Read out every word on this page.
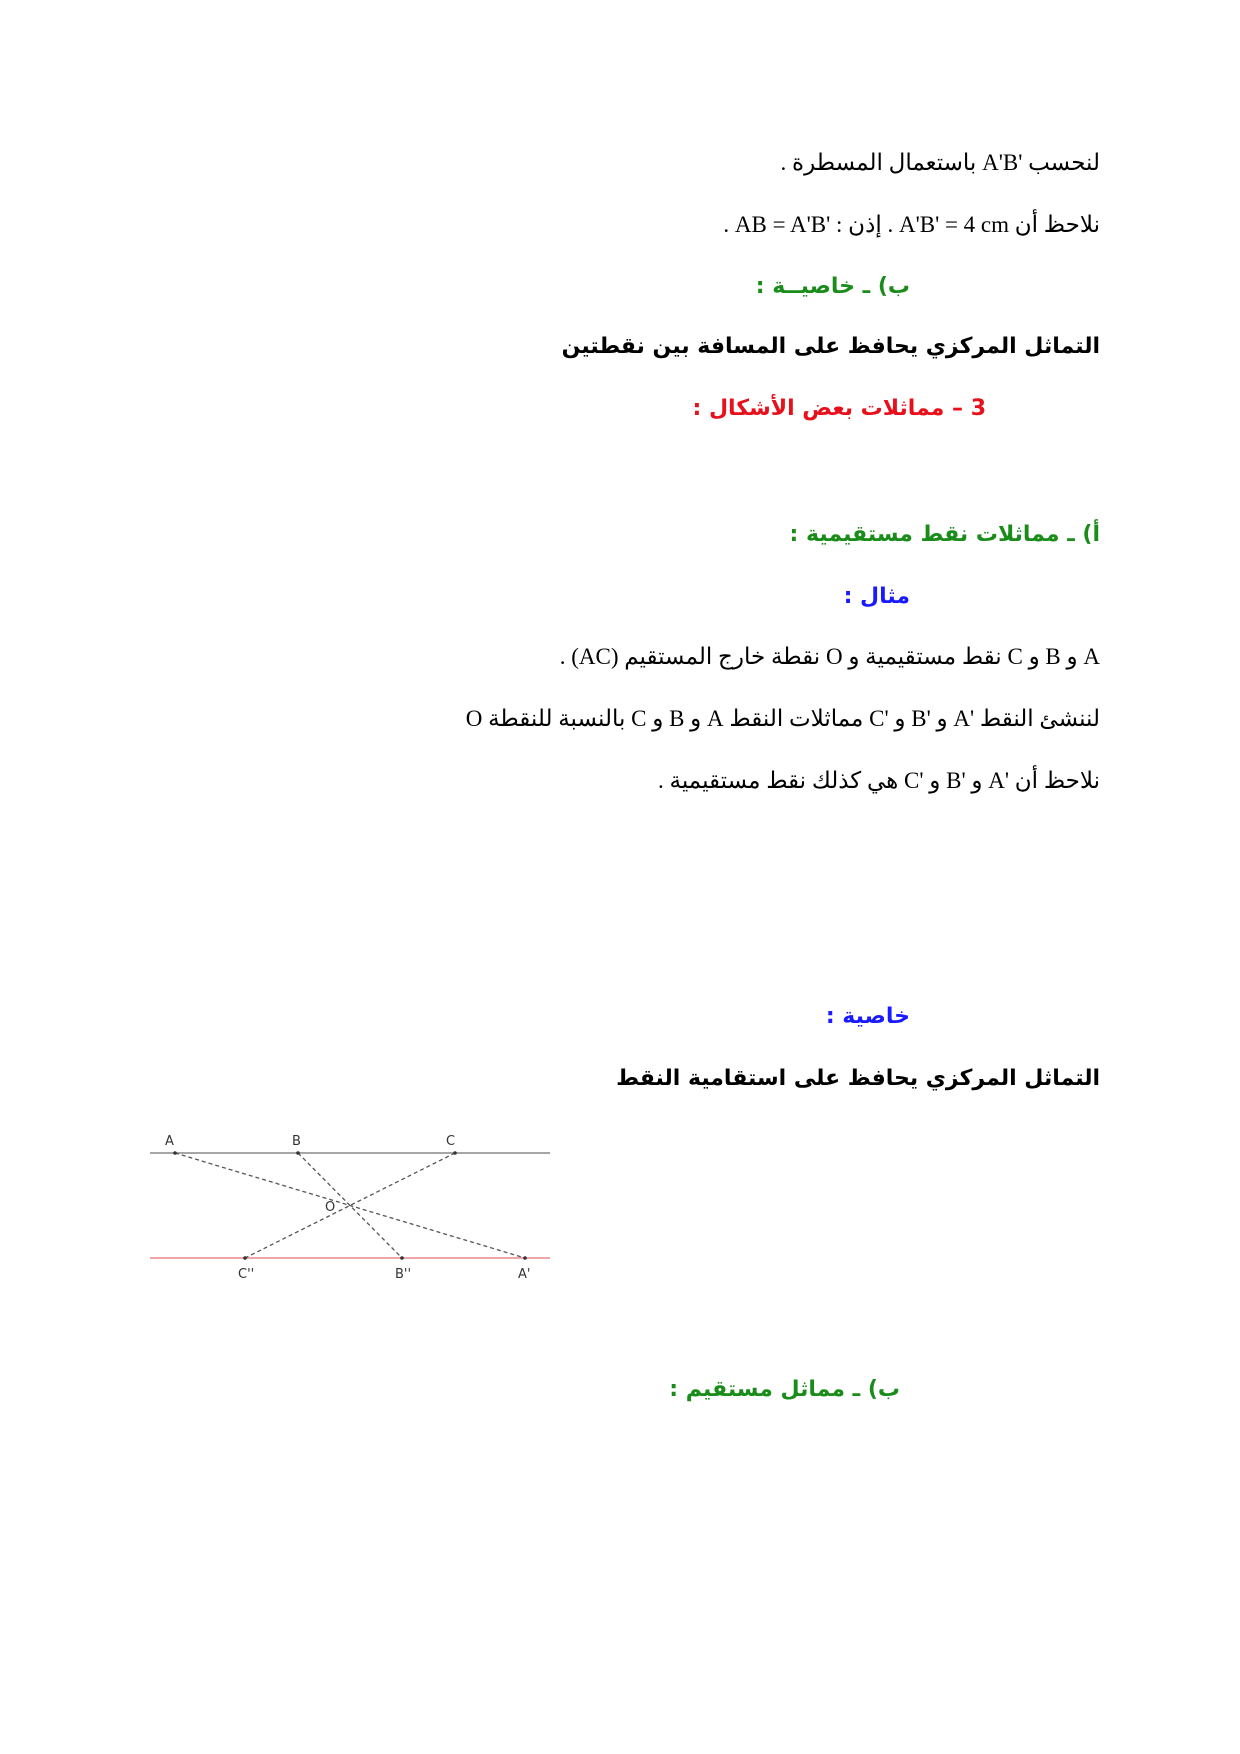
لنحسب A'B' باستعمال المسطرة .
نلاحظ أن A'B' = 4 cm . إذن : AB = A'B' .
ب) ـ خاصيــة :
التماثل المركزي يحافظ على المسافة بين نقطتين
3 – مماثلات بعض الأشكال :
أ) ـ مماثلات نقط مستقيمية :
مثال :
A و B و C نقط مستقيمية و O نقطة خارج المستقيم (AC) .
لننشئ النقط 'A و 'B و 'C مماثلات النقط A و B و C بالنسبة للنقطة O
نلاحظ أن 'A و 'B و 'C هي كذلك نقط مستقيمية .
خاصية :
التماثل المركزي يحافظ على استقامية النقط
A	B	C
O
C''	B''	A'
ب) ـ مماثل مستقيم :
